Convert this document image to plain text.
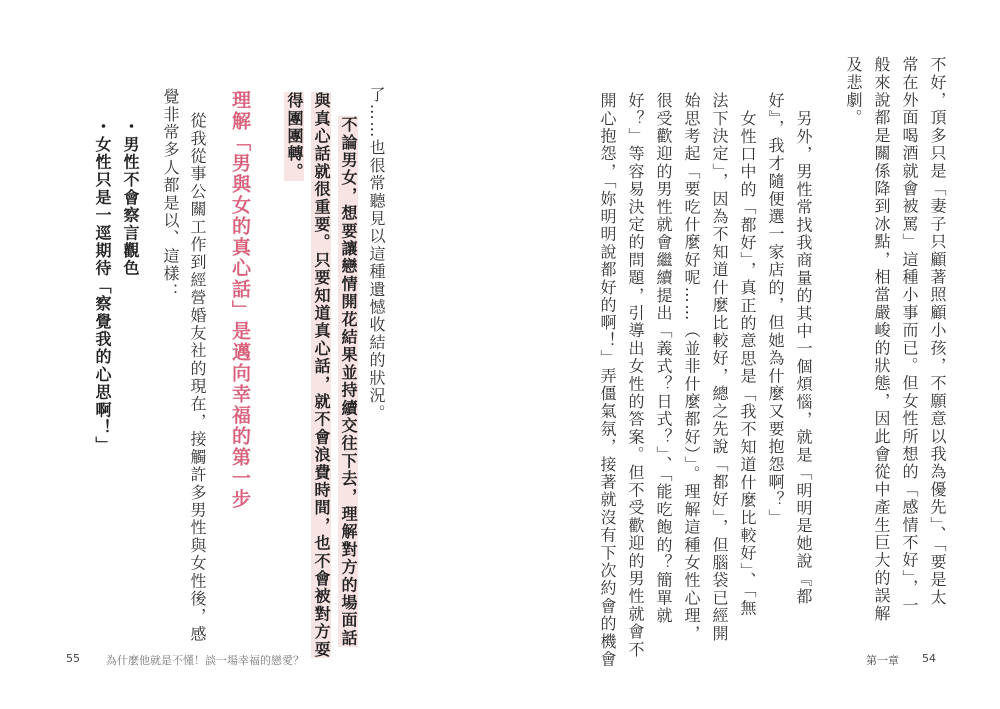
不好，頂多只是「妻子只顧著照顧小孩，不願意以我為優先」、「要是太
常在外面喝酒就會被罵」這種小事而已。但女性所想的「感情不好」，一
般來說都是關係降到冰點，相當嚴峻的狀態，因此會從中產生巨大的誤解
及悲劇。
另外，男性常找我商量的其中一個煩惱，就是「明明是她說『都
好』，我才隨便選一家店的，但她為什麼又要抱怨啊？」
女性口中的「都好」，真正的意思是「我不知道什麼比較好」、「無
法下決定」，因為不知道什麼比較好，總之先說「都好」，但腦袋已經開
始思考起「要吃什麼好呢……（並非什麼都好）」。理解這種女性心理，
很受歡迎的男性就會繼續提出「義式？日式？」、「能吃飽的？簡單就
好？」等容易決定的問題，引導出女性的答案。但不受歡迎的男性就會不
開心抱怨，「妳明明說都好的啊！」弄僵氣氛，接著就沒有下次約會的機會	第一章 54
了……也很常聽見以這種遺憾收結的狀況。
不論男女，想要讓戀情開花結果並持續交往下去，理解對方的場面話
與真心話就很重要。只要知道真心話，就不會浪費時間，也不會被對方耍
得團團轉。
理解「男與女的真心話」是邁向幸福的第一步
從我從事公關工作到經營婚友社的現在，接觸許多男性與女性後，感
覺非常多人都是以、這樣：
・男性不會察言觀色
・女性只是一逕期待「察覺我的心思啊！」
55 為什麼他就是不懂！談一場幸福的戀愛？
